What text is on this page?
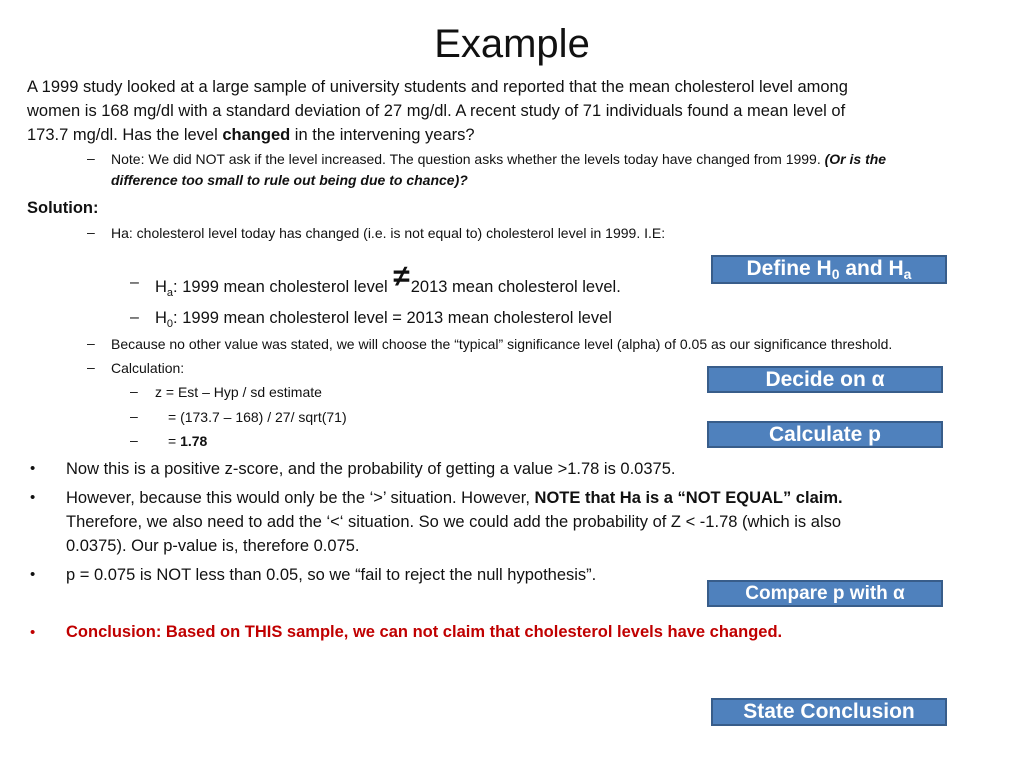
Example
A 1999 study looked at a large sample of university students and reported that the mean cholesterol level among
women is 168 mg/dl with a standard deviation of 27 mg/dl. A recent study of 71 individuals found a mean level of
173.7 mg/dl. Has the level changed in the intervening years?
– Note: We did NOT ask if the level increased. The question asks whether the levels today have changed from 1999. (Or is the
difference too small to rule out being due to chance)?
Solution:
– Ha: cholesterol level today has changed (i.e. is not equal to) cholesterol level in 1999. I.E:
– $H_a$: 1999 mean cholesterol level ≠2013 mean cholesterol level.
– $H_0$: 1999 mean cholesterol level = 2013 mean cholesterol level
– Because no other value was stated, we will choose the “typical” significance level (alpha) of 0.05 as our significance threshold.
– Calculation:
– z = Est – Hyp / sd estimate
– = (173.7 – 168) / 27/ sqrt(71)
– = 1.78
• Now this is a positive z-score, and the probability of getting a value >1.78 is 0.0375.
• However, because this would only be the ‘>’ situation. However, NOTE that Ha is a “NOT EQUAL” claim.
Therefore, we also need to add the ‘<‘ situation. So we could add the probability of Z < -1.78 (which is also
0.0375). Our p-value is, therefore 0.075.
• p = 0.075 is NOT less than 0.05, so we “fail to reject the null hypothesis”.
• Conclusion: Based on THIS sample, we can not claim that cholesterol levels have changed.
Define $H_0$ and $H_a$
Decide on α
Calculate p
Compare p with α
State Conclusion
